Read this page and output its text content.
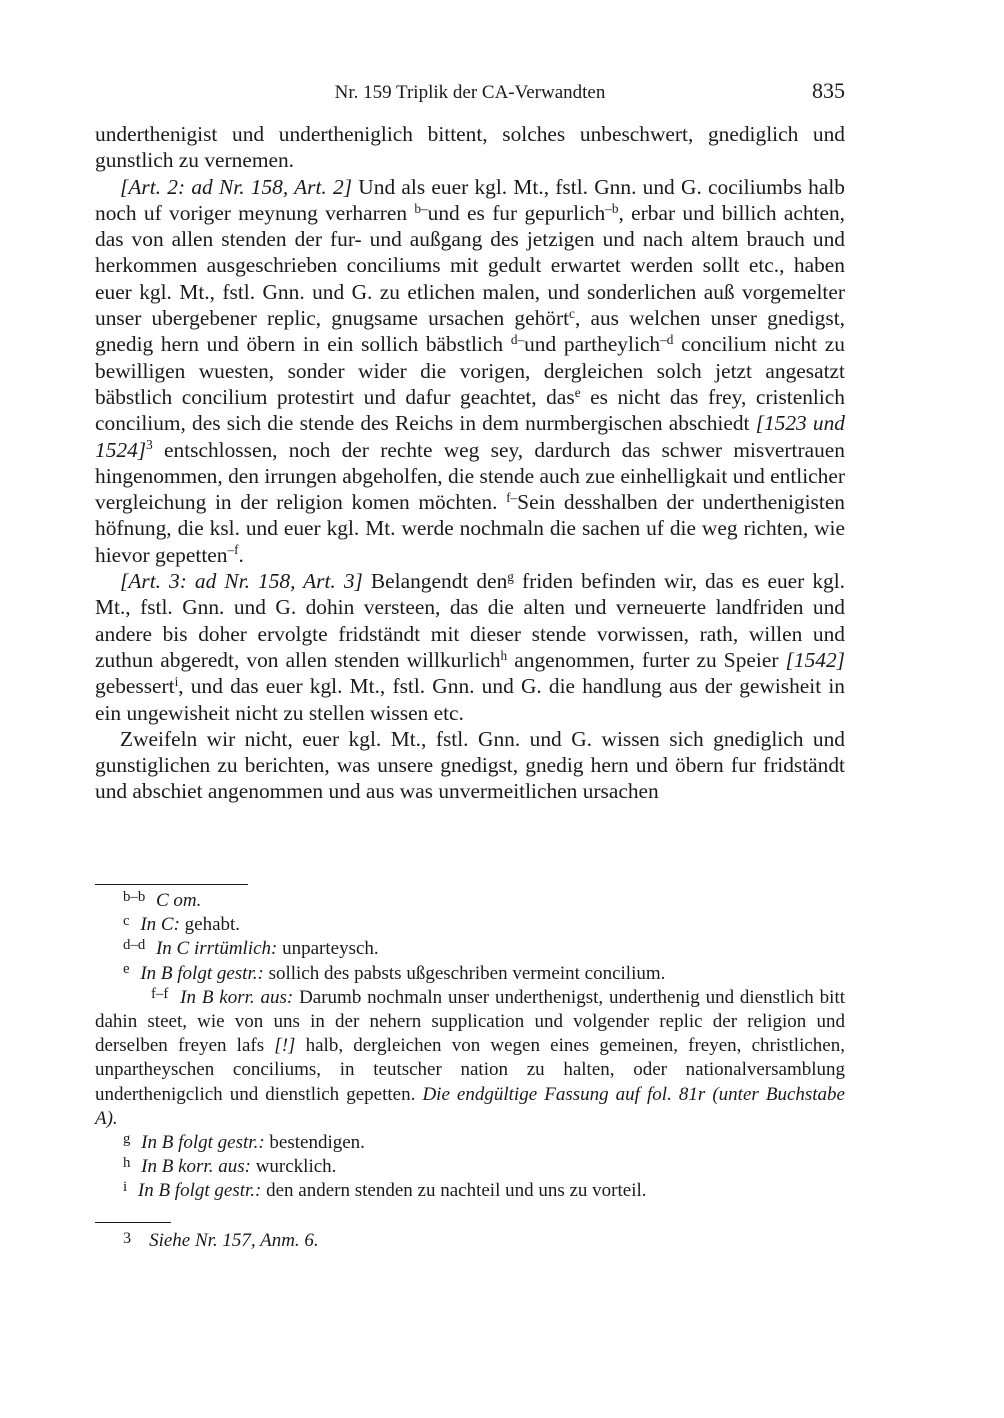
Nr. 159 Triplik der CA-Verwandten	835

underthenigist und undertheniglich bittent, solches unbeschwert, gnediglich und gunstlich zu vernemen.

[Art. 2: ad Nr. 158, Art. 2] Und als euer kgl. Mt., fstl. Gnn. und G. cociliumbs halb noch uf voriger meynung verharren $^{b-}$und es fur gepurlich$^{-b}$, erbar und billich achten, das von allen stenden der fur- und außgang des jetzigen und nach altem brauch und herkommen ausgeschrieben conciliums mit gedult erwartet werden sollt etc., haben euer kgl. Mt., fstl. Gnn. und G. zu etlichen malen, und sonderlichen auß vorgemelter unser ubergebener replic, gnugsame ursachen gehört$^c$, aus welchen unser gnedigst, gnedig hern und öbern in ein sollich bäbstlich $^{d-}$und partheylich$^{-d}$ concilium nicht zu bewilligen wuesten, sonder wider die vorigen, dergleichen solch jetzt angesatzt bäbstlich concilium protestirt und dafur geachtet, das$^e$ es nicht das frey, cristenlich concilium, des sich die stende des Reichs in dem nurmbergischen abschiedt [1523 und 1524]$^3$ entschlossen, noch der rechte weg sey, dardurch das schwer misvertrauen hingenommen, den irrungen abgeholfen, die stende auch zue einhelligkait und entlicher vergleichung in der religion komen möchten. $^{f-}$Sein desshalben der underthenigisten höfnung, die ksl. und euer kgl. Mt. werde nochmaln die sachen uf die weg richten, wie hievor gepetten$^{-f}$.

[Art. 3: ad Nr. 158, Art. 3] Belangendt den$^g$ friden befinden wir, das es euer kgl. Mt., fstl. Gnn. und G. dohin versteen, das die alten und verneuerte landfriden und andere bis doher ervolgte fridständt mit dieser stende vorwissen, rath, willen und zuthun abgeredt, von allen stenden willkurlich$^h$ angenommen, furter zu Speier [1542] gebessert$^i$, und das euer kgl. Mt., fstl. Gnn. und G. die handlung aus der gewisheit in ein ungewisheit nicht zu stellen wissen etc.

Zweifeln wir nicht, euer kgl. Mt., fstl. Gnn. und G. wissen sich gnediglich und gunstiglichen zu berichten, was unsere gnedigst, gnedig hern und öbern fur fridständt und abschiet angenommen und aus was unvermeitlichen ursachen

b–b C om.
c In C: gehabt.
d–d In C irrtümlich: unparteysch.
e In B folgt gestr.: sollich des pabsts ußgeschriben vermeint concilium.
f–f In B korr. aus: Darumb nochmaln unser underthenigst, underthenig und dienstlich bitt dahin steet, wie von uns in der nehern supplication und volgender replic der religion und derselben freyen lafs [!] halb, dergleichen von wegen eines gemeinen, freyen, christlichen, unpartheyschen conciliums, in teutscher nation zu halten, oder nationalversamblung underthenigclich und dienstlich gepetten. Die endgültige Fassung auf fol. 81r (unter Buchstabe A).
g In B folgt gestr.: bestendigen.
h In B korr. aus: wurcklich.
i In B folgt gestr.: den andern stenden zu nachteil und uns zu vorteil.
3 Siehe Nr. 157, Anm. 6.
